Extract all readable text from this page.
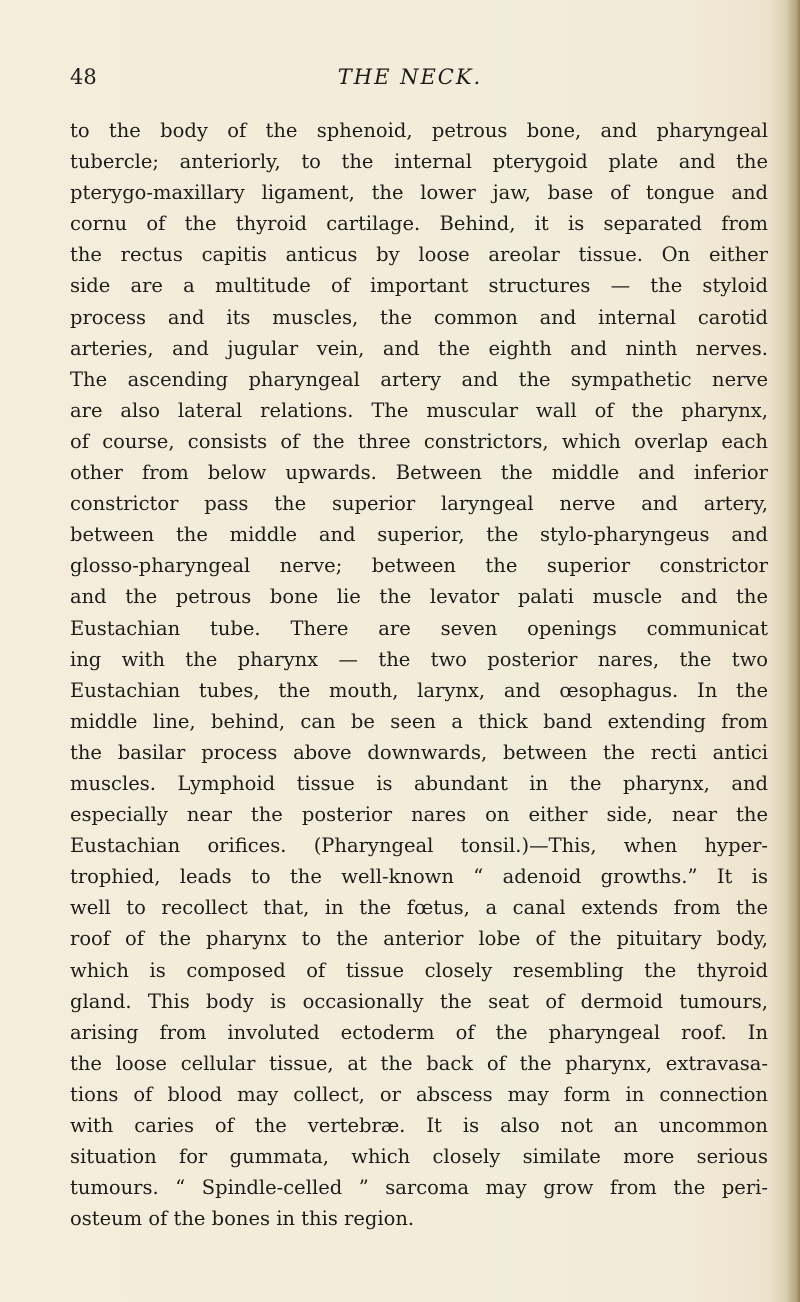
48	THE NECK.
to the body of the sphenoid, petrous bone, and pharyngeal
tubercle; anteriorly, to the internal pterygoid plate and the
pterygo-maxillary ligament, the lower jaw, base of tongue and
cornu of the thyroid cartilage. Behind, it is separated from
the rectus capitis anticus by loose areolar tissue. On either
side are a multitude of important structures — the styloid
process and its muscles, the common and internal carotid
arteries, and jugular vein, and the eighth and ninth nerves.
The ascending pharyngeal artery and the sympathetic nerve
are also lateral relations. The muscular wall of the pharynx,
of course, consists of the three constrictors, which overlap each
other from below upwards. Between the middle and inferior
constrictor pass the superior laryngeal nerve and artery,
between the middle and superior, the stylo-pharyngeus and
glosso-pharyngeal nerve; between the superior constrictor
and the petrous bone lie the levator palati muscle and the
Eustachian tube. There are seven openings communicat
ing with the pharynx — the two posterior nares, the two
Eustachian tubes, the mouth, larynx, and œsophagus. In the
middle line, behind, can be seen a thick band extending from
the basilar process above downwards, between the recti antici
muscles. Lymphoid tissue is abundant in the pharynx, and
especially near the posterior nares on either side, near the
Eustachian orifices. (Pharyngeal tonsil.)—This, when hyper-
trophied, leads to the well-known “ adenoid growths.” It is
well to recollect that, in the fœtus, a canal extends from the
roof of the pharynx to the anterior lobe of the pituitary body,
which is composed of tissue closely resembling the thyroid
gland. This body is occasionally the seat of dermoid tumours,
arising from involuted ectoderm of the pharyngeal roof. In
the loose cellular tissue, at the back of the pharynx, extravasa-
tions of blood may collect, or abscess may form in connection
with caries of the vertebræ. It is also not an uncommon
situation for gummata, which closely similate more serious
tumours. “ Spindle-celled ” sarcoma may grow from the peri-
osteum of the bones in this region.
